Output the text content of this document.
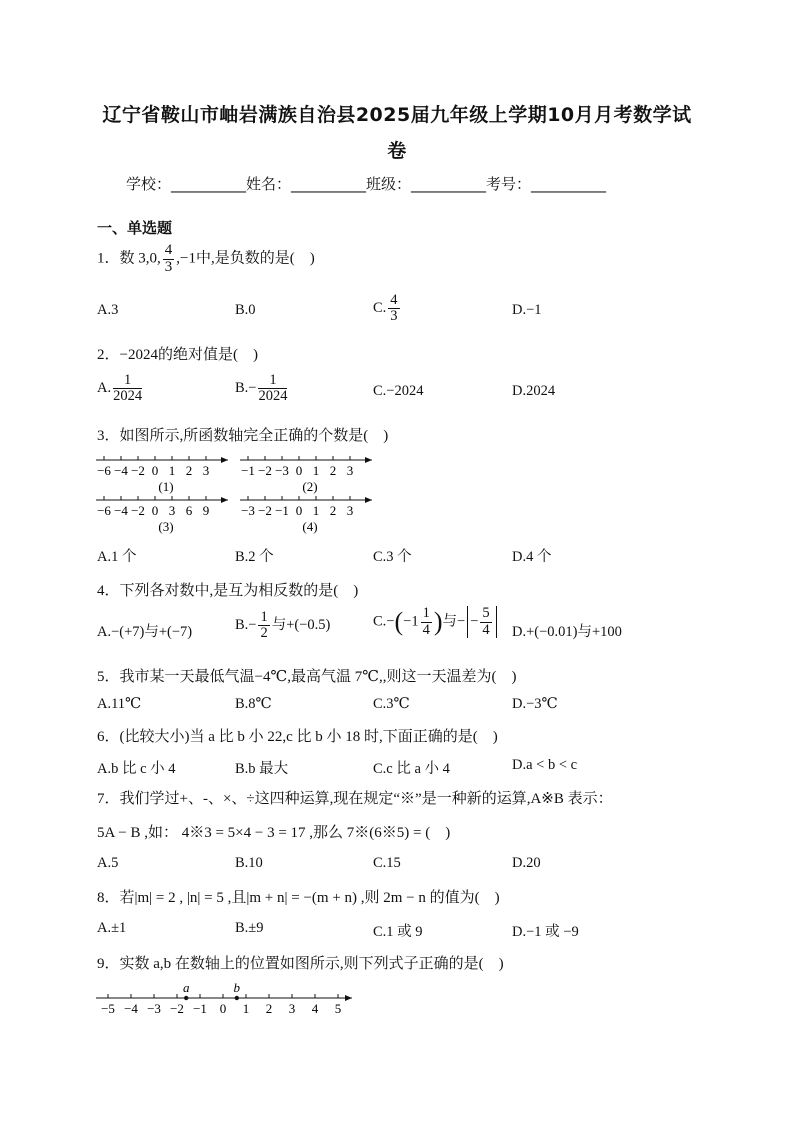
辽宁省鞍山市岫岩满族自治县2025届九年级上学期10月月考数学试
卷
学校：__________姓名：__________班级：__________考号：__________
一、单选题
1．数 3,0, $\frac{4}{3} ,-1$中,是负数的是(　)
A.3	B.0	C. $\frac{4}{3}$	D.−1
2．−2024的绝对值是(　)
A. $\frac{1}{2024}$	$B.- \frac{1}{2024}$	C.−2024	D.2024
3．如图所示,所函数轴完全正确的个数是(　)
−6 −4 −2 0 1 2 3
(1)
−1 −2 −3 0 1 2 3
(2)
−6 −4 −2 0 3 6 9
(3)
−3 −2 −1 0 1 2 3
(4)
A.1 个	B.2 个	C.3 个	D.4 个
4．下列各对数中,是互为相反数的是(　)
A.−(+7)与+(−7)	$B.- \frac{1}{2}$ 与+(−0.5)	$C.-(-1 \frac{1}{4}$ )与− − $\frac{5}{4} D.+(-0.01)$与+100
5．我市某一天最低气温−4℃,最高气温 7℃,,则这一天温差为(　)
A.11℃	B.8℃	C.3℃	D.−3℃
6．(比较大小)当 a 比 b 小 22,c 比 b 小 18 时,下面正确的是(　)
A.b 比 c 小 4	B.b 最大	C.c 比 a 小 4	D.a < b < c
7．我们学过+、-、×、÷这四种运算,现在规定“※”是一种新的运算,A※B 表示：
5A − B ,如： 4※3 = 5×4 − 3 = 17 ,那么 7※(6※5) = (　)
A.5	B.10	C.15	D.20
8．若|m| = 2 , |n| = 5 ,且|m + n| = −(m + n) ,则 2m − n 的值为(　)
A.±1	B.±9	C.1 或 9	D.−1 或 −9
9．实数 a,b 在数轴上的位置如图所示,则下列式子正确的是(　)
−5 −4 −3 −2 −1 0 1 2 3 4 5
a	b
